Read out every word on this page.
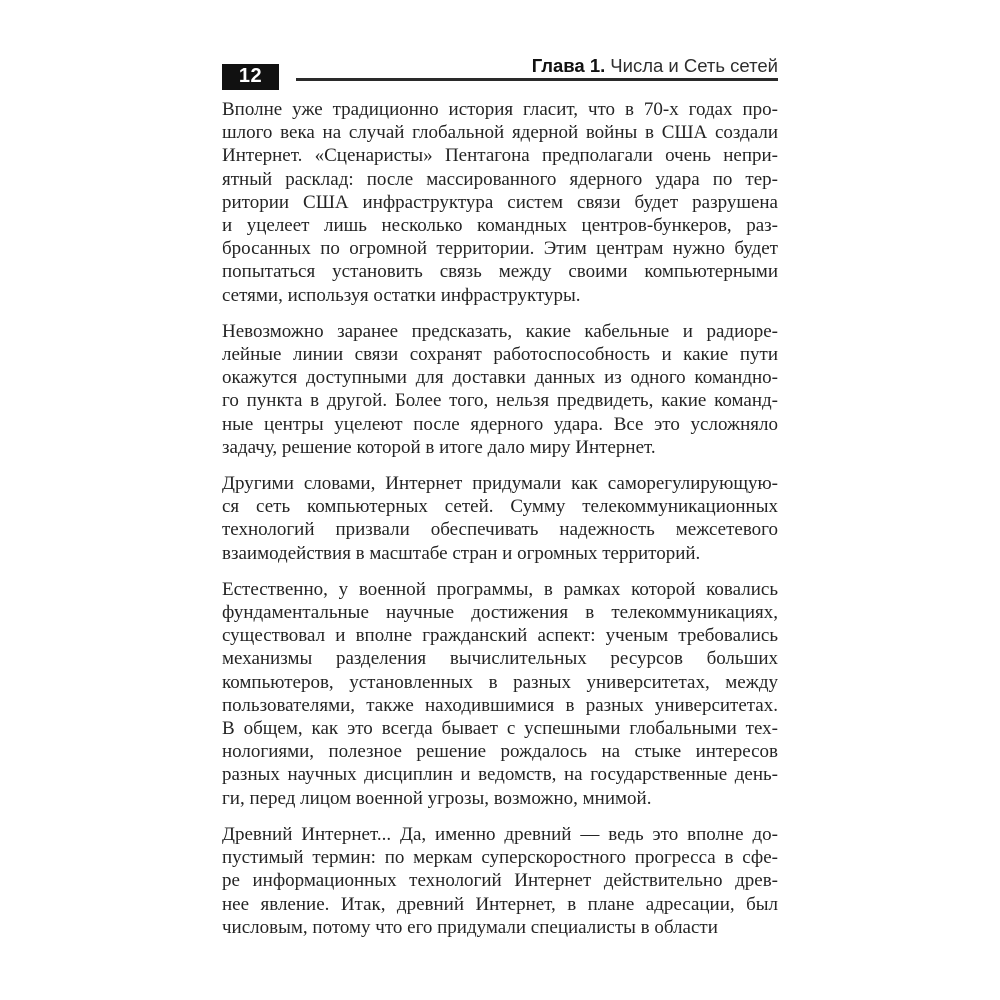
12	Глава 1. Числа и Сеть сетей
Вполне уже традиционно история гласит, что в 70-х годах про-
шлого века на случай глобальной ядерной войны в США создали
Интернет. «Сценаристы» Пентагона предполагали очень непри-
ятный расклад: после массированного ядерного удара по тер-
ритории США инфраструктура систем связи будет разрушена
и уцелеет лишь несколько командных центров-бункеров, раз-
бросанных по огромной территории. Этим центрам нужно будет
попытаться установить связь между своими компьютерными
сетями, используя остатки инфраструктуры.
Невозможно заранее предсказать, какие кабельные и радиоре-
лейные линии связи сохранят работоспособность и какие пути
окажутся доступными для доставки данных из одного командно-
го пункта в другой. Более того, нельзя предвидеть, какие команд-
ные центры уцелеют после ядерного удара. Все это усложняло
задачу, решение которой в итоге дало миру Интернет.
Другими словами, Интернет придумали как саморегулирующую-
ся сеть компьютерных сетей. Сумму телекоммуникационных
технологий призвали обеспечивать надежность межсетевого
взаимодействия в масштабе стран и огромных территорий.
Естественно, у военной программы, в рамках которой ковались
фундаментальные научные достижения в телекоммуникациях,
существовал и вполне гражданский аспект: ученым требовались
механизмы разделения вычислительных ресурсов больших
компьютеров, установленных в разных университетах, между
пользователями, также находившимися в разных университетах.
В общем, как это всегда бывает с успешными глобальными тех-
нологиями, полезное решение рождалось на стыке интересов
разных научных дисциплин и ведомств, на государственные день-
ги, перед лицом военной угрозы, возможно, мнимой.
Древний Интернет... Да, именно древний — ведь это вполне до-
пустимый термин: по меркам суперскоростного прогресса в сфе-
ре информационных технологий Интернет действительно древ-
нее явление. Итак, древний Интернет, в плане адресации, был
числовым, потому что его придумали специалисты в области
